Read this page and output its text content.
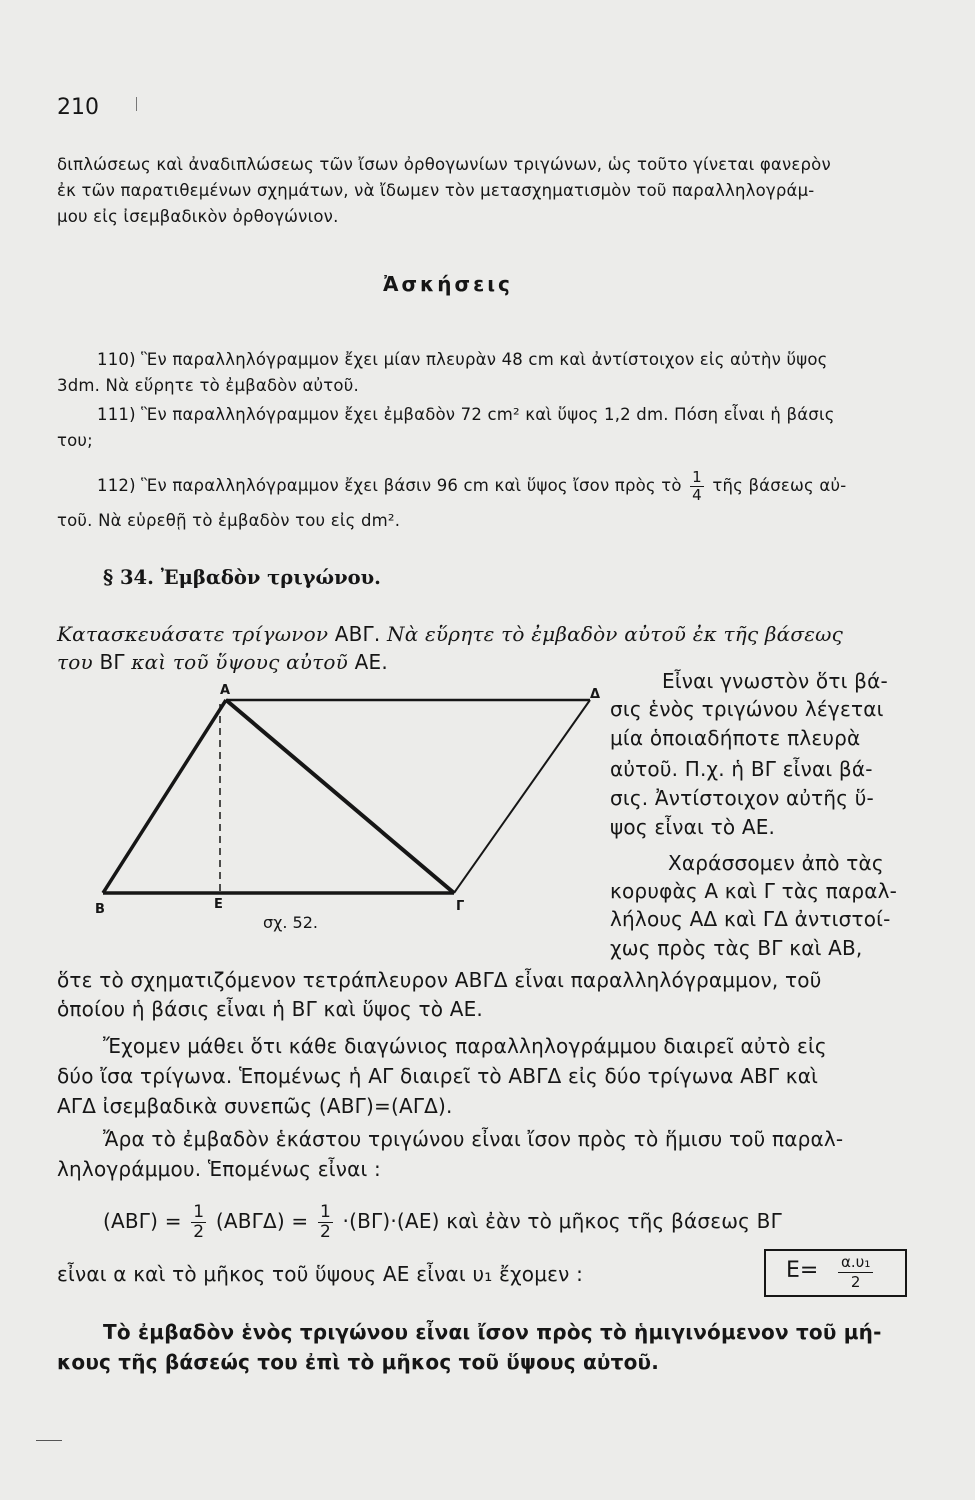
210
διπλώσεως καὶ ἀναδιπλώσεως τῶν ἴσων ὀρθογωνίων τριγώνων, ὡς τοῦτο γίνεται φανερὸν
ἐκ τῶν παρατιθεμένων σχημάτων, νὰ ἴδωμεν τὸν μετασχηματισμὸν τοῦ παραλληλογράμ-
μου εἰς ἰσεμβαδικὸν ὀρθογώνιον.
Ἀσκήσεις
110) Ἓν παραλληλόγραμμον ἔχει μίαν πλευρὰν 48 cm καὶ ἀντίστοιχον εἰς αὐτὴν ὕψος
3dm. Νὰ εὕρητε τὸ ἐμβαδὸν αὐτοῦ.
111) Ἓν παραλληλόγραμμον ἔχει ἐμβαδὸν 72 cm² καὶ ὕψος 1,2 dm. Πόση εἶναι ἡ βάσις
του;
112) Ἓν παραλληλόγραμμον ἔχει βάσιν 96 cm καὶ ὕψος ἴσον πρὸς τὸ $\frac{1}{4}$ τῆς βάσεως αὐ-
τοῦ. Νὰ εὑρεθῇ τὸ ἐμβαδὸν του εἰς dm².
§ 34. Ἐμβαδὸν τριγώνου.
Κατασκευάσατε τρίγωνον ΑΒΓ. Νὰ εὕρητε τὸ ἐμβαδὸν αὐτοῦ ἐκ τῆς βάσεως
του ΒΓ καὶ τοῦ ὕψους αὐτοῦ ΑΕ.
Εἶναι γνωστὸν ὅτι βά-
σις ἑνὸς τριγώνου λέγεται
μία ὁποιαδήποτε πλευρὰ
αὐτοῦ. Π.χ. ἡ ΒΓ εἶναι βά-
σις. Ἀντίστοιχον αὐτῆς ὕ-
ψος εἶναι τὸ ΑΕ.
Χαράσσομεν ἀπὸ τὰς
κορυφὰς Α καὶ Γ τὰς παραλ-
λήλους ΑΔ καὶ ΓΔ ἀντιστοί-
χως πρὸς τὰς ΒΓ καὶ ΑΒ,
Α	Δ
Β	Ε	Γ
σχ. 52.
ὅτε τὸ σχηματιζόμενον τετράπλευρον ΑΒΓΔ εἶναι παραλληλόγραμμον, τοῦ
ὁποίου ἡ βάσις εἶναι ἡ ΒΓ καὶ ὕψος τὸ ΑΕ.
Ἔχομεν μάθει ὅτι κάθε διαγώνιος παραλληλογράμμου διαιρεῖ αὐτὸ εἰς
δύο ἴσα τρίγωνα. Ἑπομένως ἡ ΑΓ διαιρεῖ τὸ ΑΒΓΔ εἰς δύο τρίγωνα ΑΒΓ καὶ
ΑΓΔ ἰσεμβαδικὰ συνεπῶς (ΑΒΓ)=(ΑΓΔ).
Ἄρα τὸ ἐμβαδὸν ἑκάστου τριγώνου εἶναι ἴσον πρὸς τὸ ἥμισυ τοῦ παραλ-
ληλογράμμου. Ἑπομένως εἶναι :
$(AB\Gamma) = \frac{1}{2} (AB\Gamma\Delta) = \frac{1}{2} \cdot(B\Gamma)\cdot(AE)$ καὶ ἐὰν τὸ μῆκος τῆς βάσεως ΒΓ
εἶναι α καὶ τὸ μῆκος τοῦ ὕψους ΑΕ εἶναι υ₁ ἔχομεν :	$E= \frac{\text{α.υ₁}}{2}$
Τὸ ἐμβαδὸν ἑνὸς τριγώνου εἶναι ἴσον πρὸς τὸ ἡμιγινόμενον τοῦ μή-
κους τῆς βάσεώς του ἐπὶ τὸ μῆκος τοῦ ὕψους αὐτοῦ.
